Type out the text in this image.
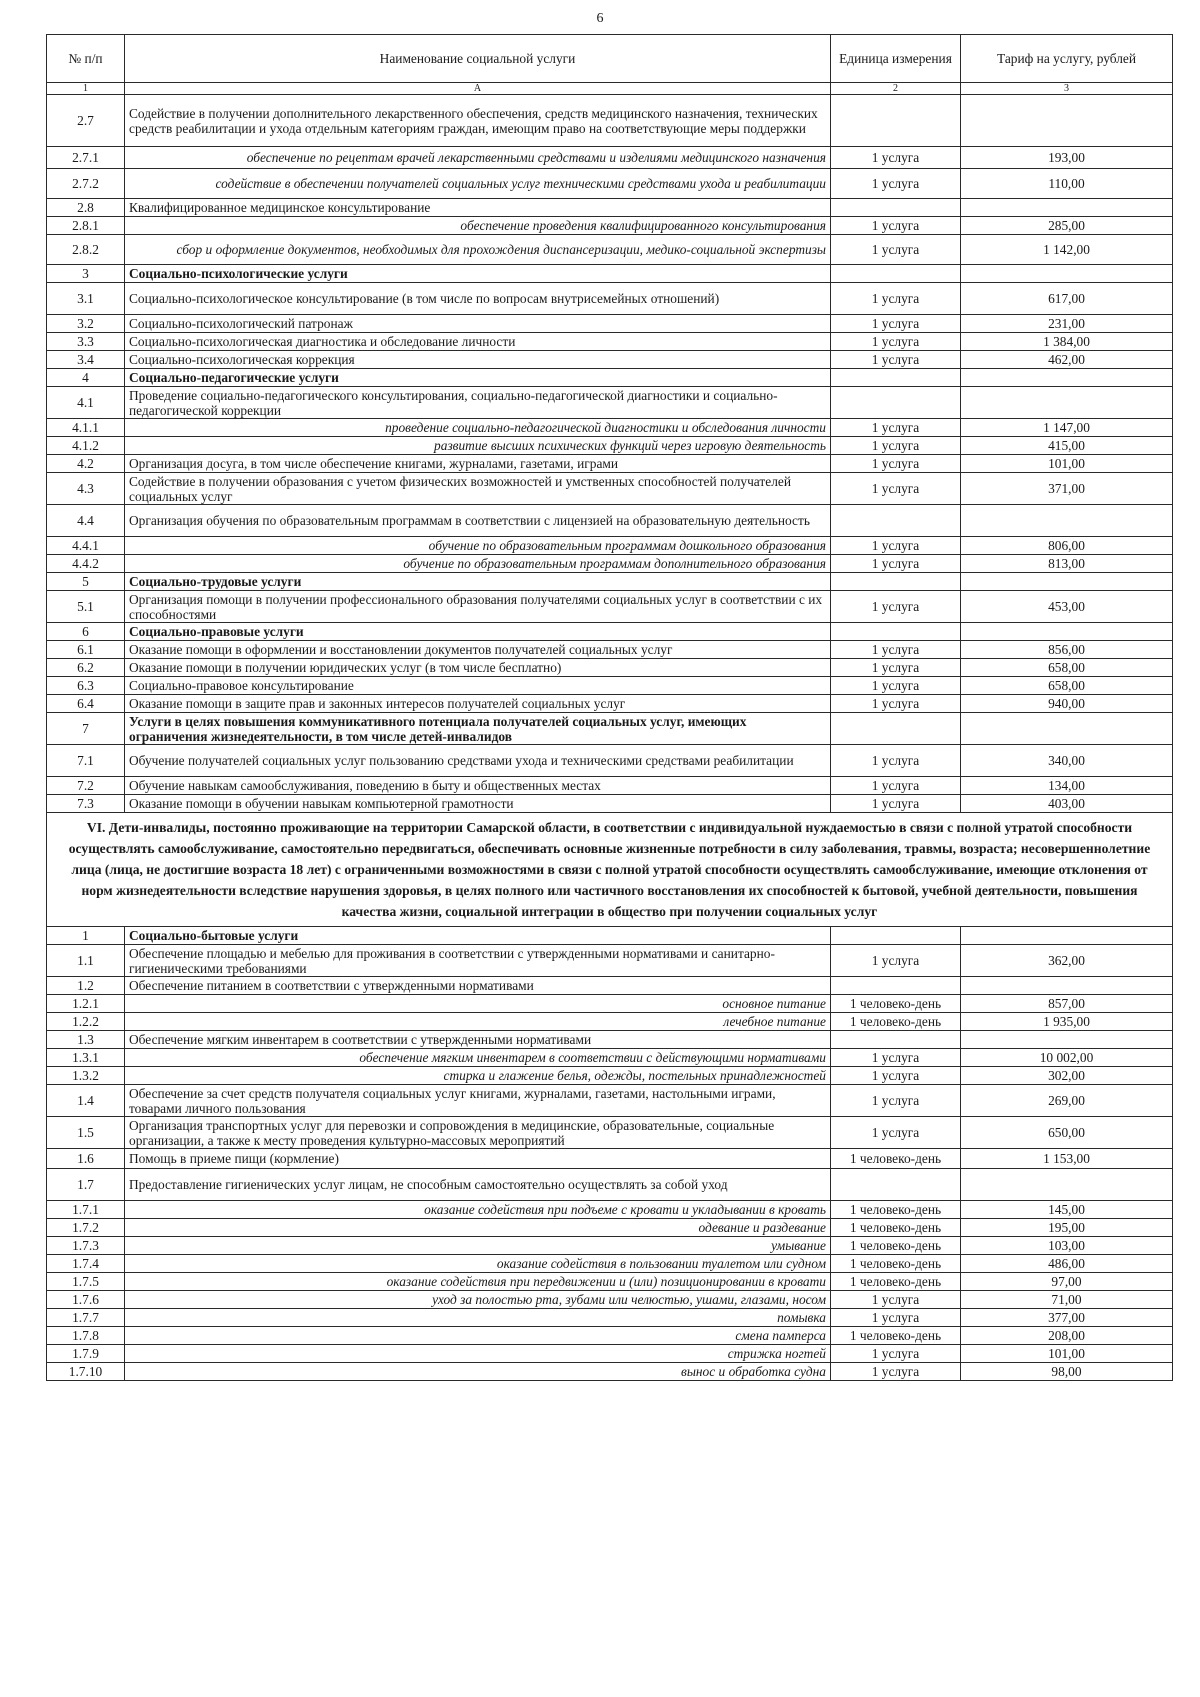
6
№ п/п	Наименование социальной услуги	Единица измерения	Тариф на услугу, рублей
1	А	2	3
2.7	Содействие в получении дополнительного лекарственного обеспечения, средств медицинского назначения, технических средств реабилитации и ухода отдельным категориям граждан, имеющим право на соответствующие меры поддержки		
2.7.1	обеспечение по рецептам врачей лекарственными средствами и изделиями медицинского назначения	1 услуга	193,00
2.7.2	содействие в обеспечении получателей социальных услуг техническими средствами ухода и реабилитации	1 услуга	110,00
2.8	Квалифицированное медицинское консультирование		
2.8.1	обеспечение проведения квалифицированного консультирования	1 услуга	285,00
2.8.2	сбор и оформление документов, необходимых для прохождения диспансеризации, медико-социальной экспертизы	1 услуга	1 142,00
3	Социально-психологические услуги		
3.1	Социально-психологическое консультирование (в том числе по вопросам внутрисемейных отношений)	1 услуга	617,00
3.2	Социально-психологический патронаж	1 услуга	231,00
3.3	Социально-психологическая диагностика и обследование личности	1 услуга	1 384,00
3.4	Социально-психологическая коррекция	1 услуга	462,00
4	Социально-педагогические услуги		
4.1	Проведение социально-педагогического консультирования, социально-педагогической диагностики и социально-педагогической коррекции		
4.1.1	проведение социально-педагогической диагностики и обследования личности	1 услуга	1 147,00
4.1.2	развитие высших психических функций через игровую деятельность	1 услуга	415,00
4.2	Организация досуга, в том числе обеспечение книгами, журналами, газетами, играми	1 услуга	101,00
4.3	Содействие в получении образования с учетом физических возможностей и умственных способностей получателей социальных услуг	1 услуга	371,00
4.4	Организация обучения по образовательным программам в соответствии с лицензией на образовательную деятельность		
4.4.1	обучение по образовательным программам дошкольного образования	1 услуга	806,00
4.4.2	обучение по образовательным программам дополнительного образования	1 услуга	813,00
5	Социально-трудовые услуги		
5.1	Организация помощи в получении профессионального образования получателями социальных услуг в соответствии с их способностями	1 услуга	453,00
6	Социально-правовые услуги		
6.1	Оказание помощи в оформлении и восстановлении документов получателей социальных услуг	1 услуга	856,00
6.2	Оказание помощи в получении юридических услуг (в том числе бесплатно)	1 услуга	658,00
6.3	Социально-правовое консультирование	1 услуга	658,00
6.4	Оказание помощи в защите прав и законных интересов получателей социальных услуг	1 услуга	940,00
7	Услуги в целях повышения коммуникативного потенциала получателей социальных услуг, имеющих ограничения жизнедеятельности, в том числе детей-инвалидов		
7.1	Обучение получателей социальных услуг пользованию средствами ухода и техническими средствами реабилитации	1 услуга	340,00
7.2	Обучение навыкам самообслуживания, поведению в быту и общественных местах	1 услуга	134,00
7.3	Оказание помощи в обучении навыкам компьютерной грамотности	1 услуга	403,00
VI. Дети-инвалиды, постоянно проживающие на территории Самарской области, в соответствии с индивидуальной нуждаемостью в связи с полной утратой способности осуществлять самообслуживание, самостоятельно передвигаться, обеспечивать основные жизненные потребности в силу заболевания, травмы, возраста; несовершеннолетние лица (лица, не достигшие возраста 18 лет) с ограниченными возможностями в связи с полной утратой способности осуществлять самообслуживание, имеющие отклонения от норм жизнедеятельности вследствие нарушения здоровья, в целях полного или частичного восстановления их способностей к бытовой, учебной деятельности, повышения качества жизни, социальной интеграции в общество при получении социальных услуг			
1	Социально-бытовые услуги		
1.1	Обеспечение площадью и мебелью для проживания в соответствии с утвержденными нормативами и санитарно-гигиеническими требованиями	1 услуга	362,00
1.2	Обеспечение питанием в соответствии с утвержденными нормативами		
1.2.1	основное питание	1 человеко-день	857,00
1.2.2	лечебное питание	1 человеко-день	1 935,00
1.3	Обеспечение мягким инвентарем в соответствии с утвержденными нормативами		
1.3.1	обеспечение мягким инвентарем в соответствии с действующими нормативами	1 услуга	10 002,00
1.3.2	стирка и глажение белья, одежды, постельных принадлежностей	1 услуга	302,00
1.4	Обеспечение за счет средств получателя социальных услуг книгами, журналами, газетами, настольными играми, товарами личного пользования	1 услуга	269,00
1.5	Организация транспортных услуг для перевозки и сопровождения в медицинские, образовательные, социальные организации, а также к месту проведения культурно-массовых мероприятий	1 услуга	650,00
1.6	Помощь в приеме пищи (кормление)	1 человеко-день	1 153,00
1.7	Предоставление гигиенических услуг лицам, не способным самостоятельно осуществлять за собой уход		
1.7.1	оказание содействия при подъеме с кровати и укладывании в кровать	1 человеко-день	145,00
1.7.2	одевание и раздевание	1 человеко-день	195,00
1.7.3	умывание	1 человеко-день	103,00
1.7.4	оказание содействия в пользовании туалетом или судном	1 человеко-день	486,00
1.7.5	оказание содействия при передвижении и (или) позиционировании в кровати	1 человеко-день	97,00
1.7.6	уход за полостью рта, зубами или челюстью, ушами, глазами, носом	1 услуга	71,00
1.7.7	помывка	1 услуга	377,00
1.7.8	смена памперса	1 человеко-день	208,00
1.7.9	стрижка ногтей	1 услуга	101,00
1.7.10	вынос и обработка судна	1 услуга	98,00
